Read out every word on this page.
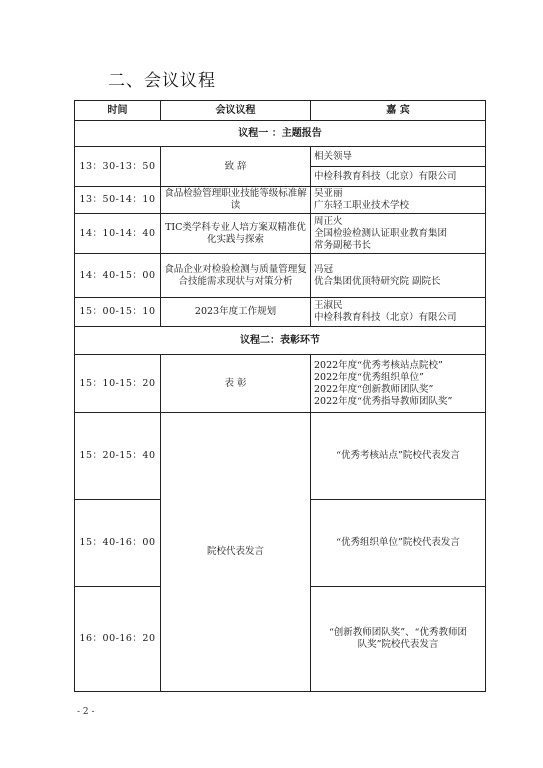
二、会议议程
时间	会议议程	嘉 宾
议程一 ：主题报告		
13：30-13：50	致 辞	相关领导
		中检科教育科技（北京）有限公司
13：50-14：10	食品检验管理职业技能等级标准解读	吴亚丽
广东轻工职业技术学校

14：10-14：40	TIC类学科专业人培方案双精准优化实践与探索	周正火
全国检验检测认证职业教育集团
常务副秘书长

14：40-15：00	食品企业对检验检测与质量管理复合技能需求现状与对策分析	冯冠
优合集团优顶特研究院 副院长

15：00-15：10	2023年度工作规划	王淑民
中检科教育科技（北京）有限公司

议程二：表彰环节		
15：10-15：20	表 彰	2022年度“优秀考核站点院校”
2022年度“优秀组织单位”
2022年度“创新教师团队奖”
2022年度“优秀指导教师团队奖”

15：20-15：40	院校代表发言	“优秀考核站点”院校代表发言
15：40-16：00		“优秀组织单位”院校代表发言
16：00-16：20		“创新教师团队奖”、“优秀教师团队奖”院校代表发言
- 2 -
